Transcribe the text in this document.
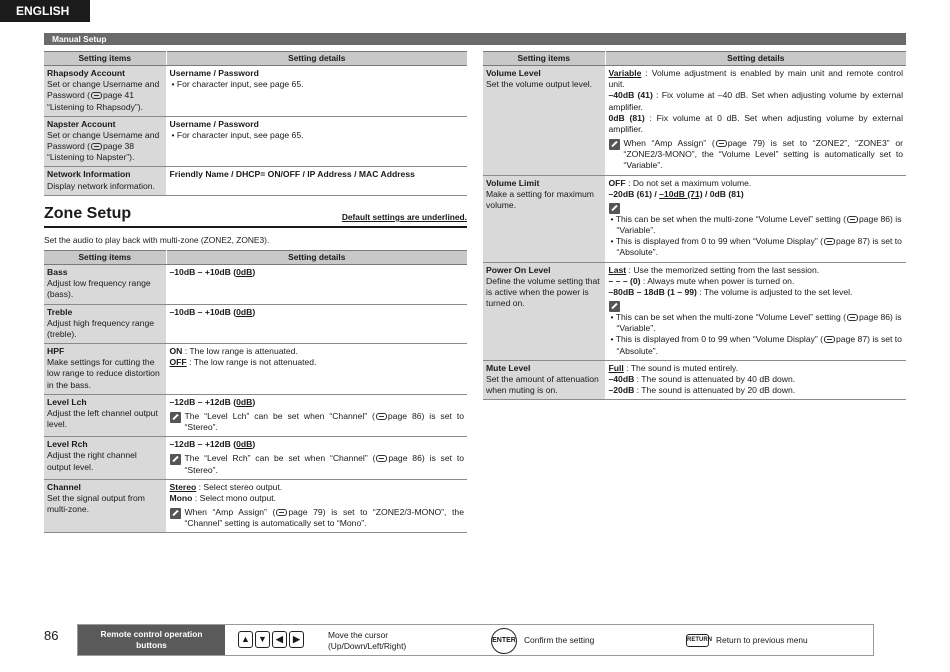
ENGLISH
Manual Setup
Setting items	Setting details

Rhapsody Account
Set or change Username and Password ( page 41 “Listening to Rhapsody”).	Username / Password
• For character input, see page 65.

Napster Account
Set or change Username and Password ( page 38 “Listening to Napster”).	Username / Password
• For character input, see page 65.

Network Information
Display network information.	Friendly Name / DHCP= ON/OFF / IP Address / MAC Address
Zone Setup	Default settings are underlined.
Set the audio to play back with multi-zone (ZONE2, ZONE3).
Setting items	Setting details

Bass
Adjust low frequency range (bass).	–10dB – +10dB (0dB)

Treble
Adjust high frequency range (treble).	–10dB – +10dB (0dB)

HPF
Make settings for cutting the low range to reduce distortion in the bass.	ON : The low range is attenuated.
OFF : The low range is not attenuated.

Level Lch
Adjust the left channel output level.	–12dB – +12dB (0dB)
The “Level Lch” can be set when “Channel” ( page 86) is set to “Stereo”.

Level Rch
Adjust the right channel output level.	–12dB – +12dB (0dB)
The “Level Rch” can be set when “Channel” ( page 86) is set to “Stereo”.

Channel
Set the signal output from multi-zone.	Stereo : Select stereo output.
Mono : Select mono output.
When “Amp Assign” ( page 79) is set to “ZONE2/3-MONO”, the “Channel” setting is automatically set to “Mono”.
Setting items	Setting details

Volume Level
Set the volume output level.	Variable : Volume adjustment is enabled by main unit and remote control unit.
–40dB (41) : Fix volume at –40 dB. Set when adjusting volume by external amplifier.
0dB (81) : Fix volume at 0 dB. Set when adjusting volume by external amplifier.
When “Amp Assign” ( page 79) is set to “ZONE2”, “ZONE3” or “ZONE2/3-MONO”, the “Volume Level” setting is automatically set to “Variable”.

Volume Limit
Make a setting for maximum volume.	OFF : Do not set a maximum volume.
–20dB (61) / –10dB (71) / 0dB (81)
• This can be set when the multi-zone “Volume Level” setting ( page 86) is “Variable”.
• This is displayed from 0 to 99 when “Volume Display” ( page 87) is set to “Absolute”.

Power On Level
Define the volume setting that is active when the power is turned on.	Last : Use the memorized setting from the last session.
– – – (0) : Always mute when power is turned on.
–80dB – 18dB (1 – 99) : The volume is adjusted to the set level.
• This can be set when the multi-zone “Volume Level” setting ( page 86) is “Variable”.
• This is displayed from 0 to 99 when “Volume Display” ( page 87) is set to “Absolute”.

Mute Level
Set the amount of attenuation when muting is on.	Full : The sound is muted entirely.
–40dB : The sound is attenuated by 40 dB down.
–20dB : The sound is attenuated by 20 dB down.
86	Remote control operation
buttons
▲ ▼	◀	▶	Move the cursor
(Up/Down/Left/Right)
ENTER Confirm the setting	RETURN Return to previous menu
